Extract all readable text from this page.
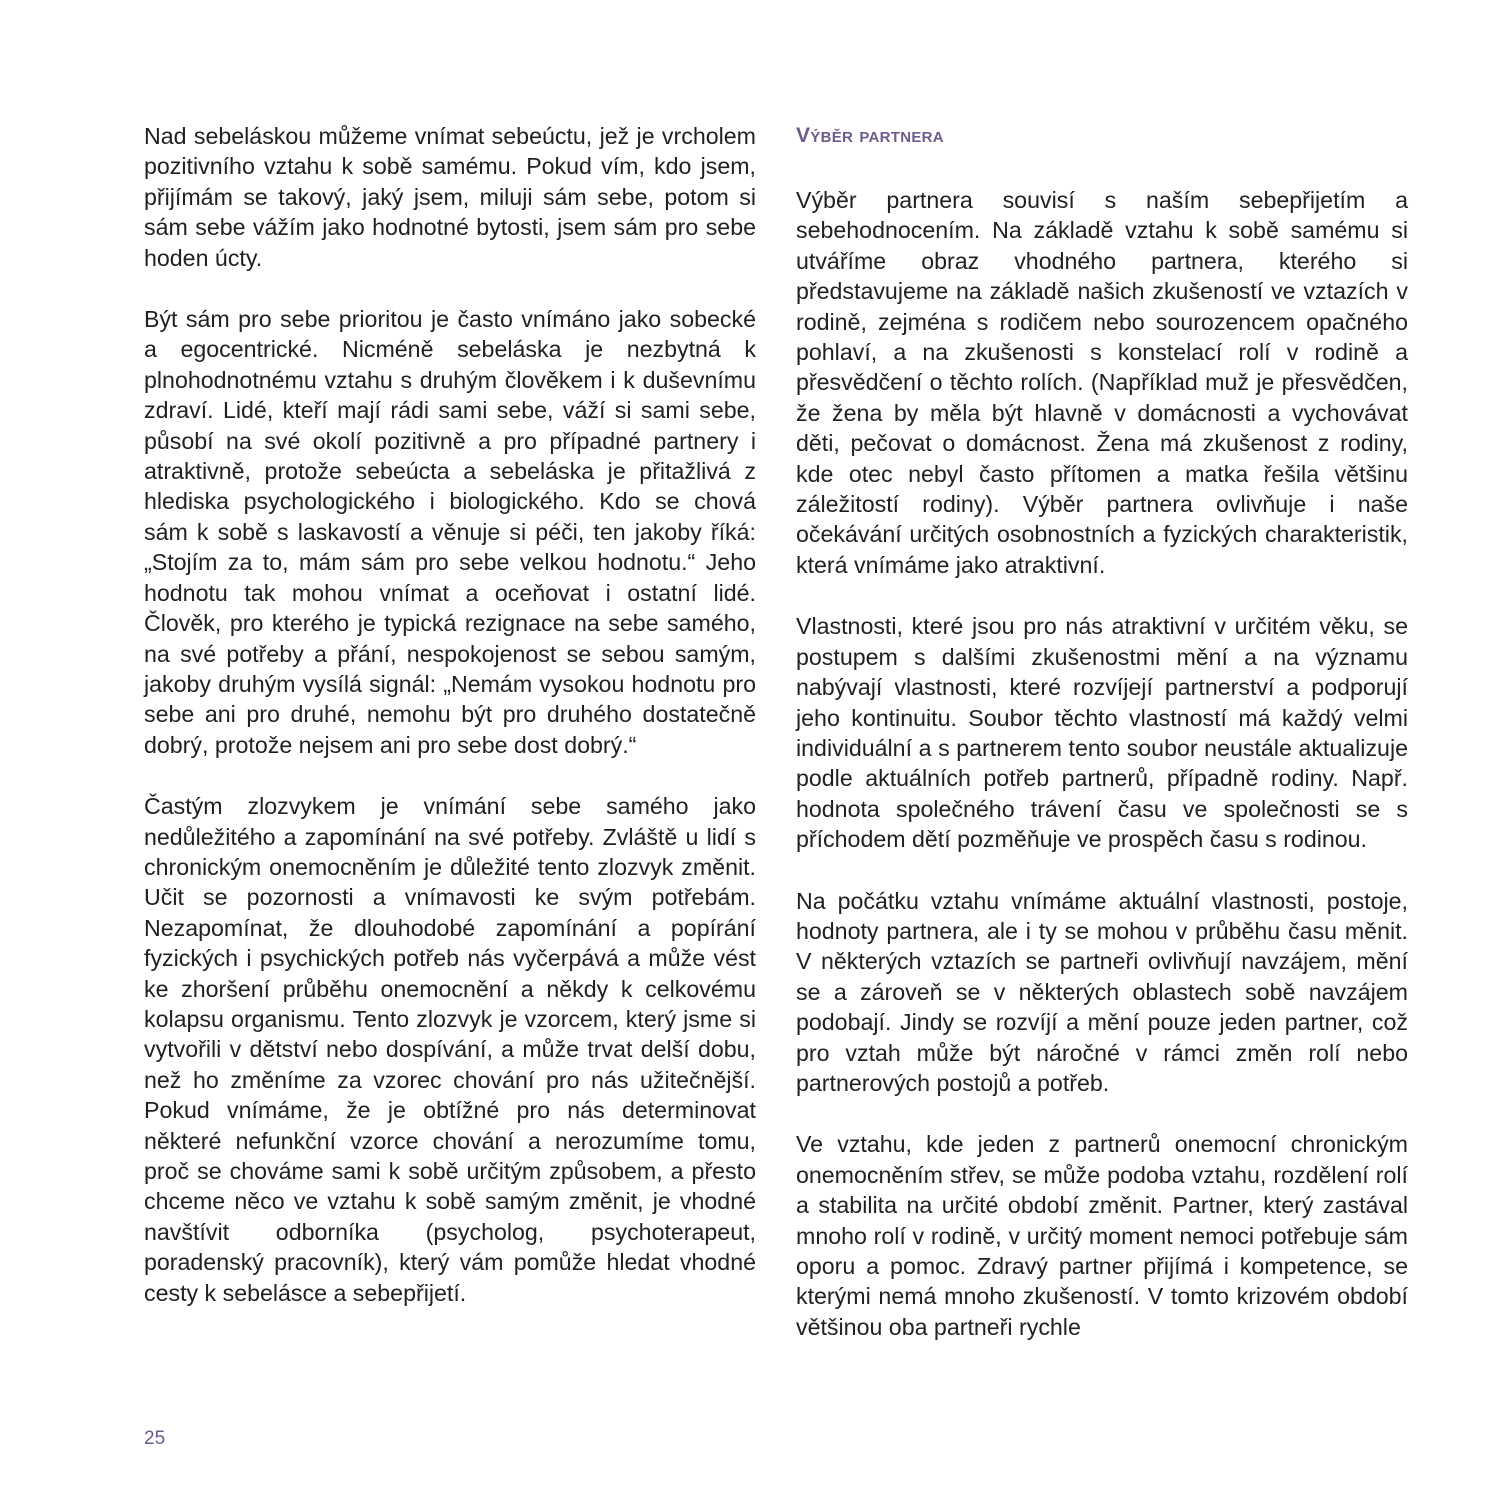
Nad sebeláskou můžeme vnímat sebeúctu, jež je vrcholem pozitivního vztahu k sobě samému. Pokud vím, kdo jsem, přijímám se takový, jaký jsem, miluji sám sebe, potom si sám sebe vážím jako hodnotné bytosti, jsem sám pro sebe hoden úcty.

Být sám pro sebe prioritou je často vnímáno jako sobecké a egocentrické. Nicméně sebeláska je nezbytná k plnohodnotnému vztahu s druhým člověkem i k duševnímu zdraví. Lidé, kteří mají rádi sami sebe, váží si sami sebe, působí na své okolí pozitivně a pro případné partnery i atraktivně, protože sebeúcta a sebeláska je přitažlivá z hlediska psychologického i biologického. Kdo se chová sám k sobě s laskavostí a věnuje si péči, ten jakoby říká: „Stojím za to, mám sám pro sebe velkou hodnotu.“ Jeho hodnotu tak mohou vnímat a oceňovat i ostatní lidé. Člověk, pro kterého je typická rezignace na sebe samého, na své potřeby a přání, nespokojenost se sebou samým, jakoby druhým vysílá signál: „Nemám vysokou hodnotu pro sebe ani pro druhé, nemohu být pro druhého dostatečně dobrý, protože nejsem ani pro sebe dost dobrý.“

Častým zlozvykem je vnímání sebe samého jako nedůležitého a zapomínání na své potřeby. Zvláště u lidí s chronickým onemocněním je důležité tento zlozvyk změnit. Učit se pozornosti a vnímavosti ke svým potřebám. Nezapomínat, že dlouhodobé zapomínání a popírání fyzických i psychických potřeb nás vyčerpává a může vést ke zhoršení průběhu onemocnění a někdy k celkovému kolapsu organismu. Tento zlozvyk je vzorcem, který jsme si vytvořili v dětství nebo dospívání, a může trvat delší dobu, než ho změníme za vzorec chování pro nás užitečnější. Pokud vnímáme, že je obtížné pro nás determinovat některé nefunkční vzorce chování a nerozumíme tomu, proč se chováme sami k sobě určitým způsobem, a přesto chceme něco ve vztahu k sobě samým změnit, je vhodné navštívit odborníka (psycholog, psychoterapeut, poradenský pracovník), který vám pomůže hledat vhodné cesty k sebelásce a sebepřijetí.

Výběr partnera

Výběr partnera souvisí s naším sebepřijetím a sebehodnocením. Na základě vztahu k sobě samému si utváříme obraz vhodného partnera, kterého si představujeme na základě našich zkušeností ve vztazích v rodině, zejména s rodičem nebo sourozencem opačného pohlaví, a na zkušenosti s konstelací rolí v rodině a přesvědčení o těchto rolích. (Například muž je přesvědčen, že žena by měla být hlavně v domácnosti a vychovávat děti, pečovat o domácnost. Žena má zkušenost z rodiny, kde otec nebyl často přítomen a matka řešila většinu záležitostí rodiny). Výběr partnera ovlivňuje i naše očekávání určitých osobnostních a fyzických charakteristik, která vnímáme jako atraktivní.

Vlastnosti, které jsou pro nás atraktivní v určitém věku, se postupem s dalšími zkušenostmi mění a na významu nabývají vlastnosti, které rozvíjejí partnerství a podporují jeho kontinuitu. Soubor těchto vlastností má každý velmi individuální a s partnerem tento soubor neustále aktualizuje podle aktuálních potřeb partnerů, případně rodiny. Např. hodnota společného trávení času ve společnosti se s příchodem dětí pozměňuje ve prospěch času s rodinou.

Na počátku vztahu vnímáme aktuální vlastnosti, postoje, hodnoty partnera, ale i ty se mohou v průběhu času měnit. V některých vztazích se partneři ovlivňují navzájem, mění se a zároveň se v některých oblastech sobě navzájem podobají. Jindy se rozvíjí a mění pouze jeden partner, což pro vztah může být náročné v rámci změn rolí nebo partnerových postojů a potřeb.

Ve vztahu, kde jeden z partnerů onemocní chronickým onemocněním střev, se může podoba vztahu, rozdělení rolí a stabilita na určité období změnit. Partner, který zastával mnoho rolí v rodině, v určitý moment nemoci potřebuje sám oporu a pomoc. Zdravý partner přijímá i kompetence, se kterými nemá mnoho zkušeností. V tomto krizovém období většinou oba partneři rychle

25
